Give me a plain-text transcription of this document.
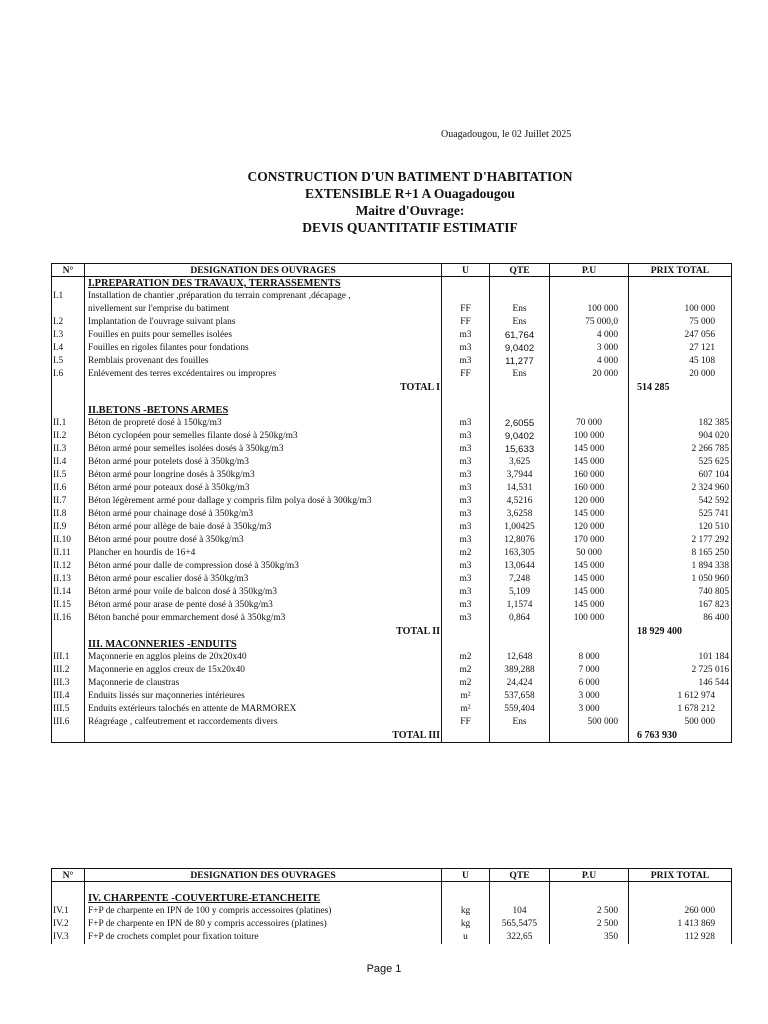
Ouagadougou, le 02 Juillet 2025
CONSTRUCTION D'UN BATIMENT D'HABITATION
EXTENSIBLE R+1 A Ouagadougou
Maitre d'Ouvrage:
DEVIS QUANTITATIF ESTIMATIF
N°	DESIGNATION DES OUVRAGES	U	QTE	P.U	PRIX TOTAL
	I.PREPARATION DES TRAVAUX, TERRASSEMENTS				
I.1	Installation de chantier ,préparation du terrain comprenant ,décapage ,				
	nivellement sur l'emprise du batiment	FF	Ens	100 000	100 000
I.2	Implantation de l'ouvrage suivant plans	FF	Ens	75 000,0	75 000
I.3	Fouilles en puits pour semelles isolées	m3	61,764	4 000	247 056
I.4	Fouilles en rigoles filantes pour fondations	m3	9,0402	3 000	27 121
I.5	Remblais provenant des fouilles	m3	11,277	4 000	45 108
I.6	Enlévement des terres excédentaires ou impropres	FF	Ens	20 000	20 000
	TOTAL I				514 285

	II.BETONS -BETONS ARMES				
II.1	Béton de propreté dosé à 150kg/m3	m3	2,6055	70 000	182 385
II.2	Béton cyclopéen pour semelles filante dosé à 250kg/m3	m3	9,0402	100 000	904 020
II.3	Béton armé pour semelles isolées dosés à 350kg/m3	m3	15,633	145 000	2 266 785
II.4	Béton armé pour potelets dosé à 350kg/m3	m3	3,625	145 000	525 625
II.5	Béton armé pour longrine dosés à 350kg/m3	m3	3,7944	160 000	607 104
II.6	Béton armé pour poteaux dosé à 350kg/m3	m3	14,531	160 000	2 324 960
II.7	Béton légèrement armé pour dallage y compris film polya dosé à 300kg/m3	m3	4,5216	120 000	542 592
II.8	Béton armé pour chainage dosé à 350kg/m3	m3	3,6258	145 000	525 741
II.9	Béton armé pour allège de baie dosé à 350kg/m3	m3	1,00425	120 000	120 510
II.10	Béton armé pour poutre dosé à 350kg/m3	m3	12,8076	170 000	2 177 292
II.11	Plancher en hourdis de 16+4	m2	163,305	50 000	8 165 250
II.12	Béton armé pour dalle de compression dosé à 350kg/m3	m3	13,0644	145 000	1 894 338
II.13	Béton armé pour escalier dosé à 350kg/m3	m3	7,248	145 000	1 050 960
II.14	Béton armé pour voile de balcon dosé à 350kg/m3	m3	5,109	145 000	740 805
II.15	Béton armé pour arase de pente dosé à 350kg/m3	m3	1,1574	145 000	167 823
II.16	Béton banché pour emmarchement dosé à 350kg/m3	m3	0,864	100 000	86 400
	TOTAL II				18 929 400
	III. MACONNERIES -ENDUITS				
III.1	Maçonnerie en agglos pleins de 20x20x40	m2	12,648	8 000	101 184
III.2	Maçonnerie en agglos creux de 15x20x40	m2	389,288	7 000	2 725 016
III.3	Maçonnerie de claustras	m2	24,424	6 000	146 544
III.4	Enduits lissés sur maçonneries intérieures	m²	537,658	3 000	1 612 974
III.5	Enduits extérieurs talochés en attente de MARMOREX	m²	559,404	3 000	1 678 212
III.6	Réagréage , calfeutrement et raccordements divers	FF	Ens	500 000	500 000
	TOTAL III				6 763 930
N°	DESIGNATION DES OUVRAGES	U	QTE	P.U	PRIX TOTAL

	IV. CHARPENTE -COUVERTURE-ETANCHEITE				
IV.1	F+P de charpente en IPN de 100 y compris accessoires (platines)	kg	104	2 500	260 000
IV.2	F+P de charpente en IPN de 80 y compris accessoires (platines)	kg	565,5475	2 500	1 413 869
IV.3	F+P de crochets complet pour fixation toiture	u	322,65	350	112 928
Page 1
